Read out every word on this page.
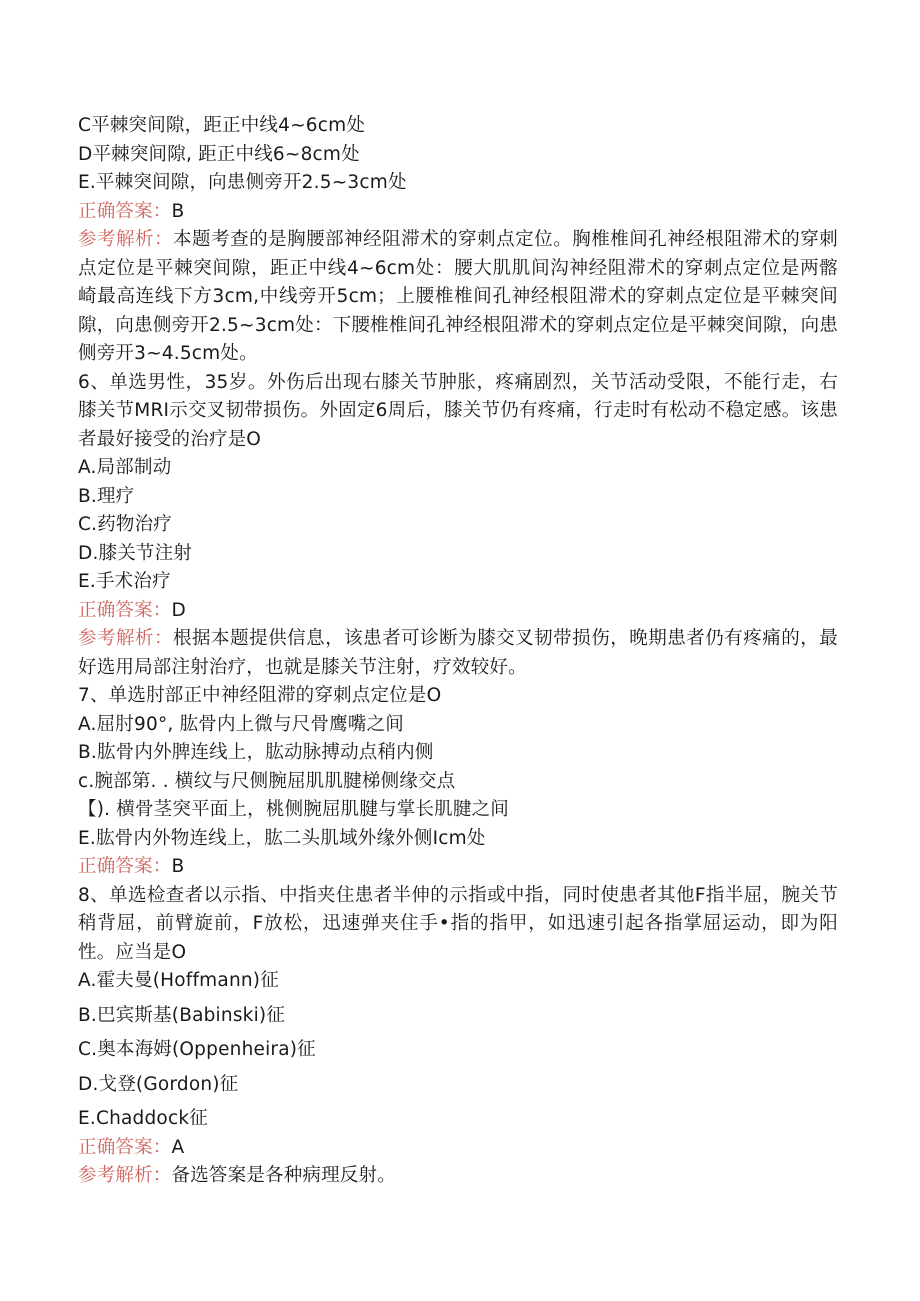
C平棘突间隙，距正中线4~6cm处
D平棘突间隙, 距正中线6~8cm处
E.平棘突间隙，向患侧旁开2.5~3cm处
正确答案：B
参考解析：本题考查的是胸腰部神经阻滞术的穿刺点定位。胸椎椎间孔神经根阻滞术的穿刺点定位是平棘突间隙，距正中线4~6cm处：腰大肌肌间沟神经阻滞术的穿刺点定位是两髂崎最高连线下方3cm,中线旁开5cm；上腰椎椎间孔神经根阻滞术的穿刺点定位是平棘突间隙，向患侧旁开2.5~3cm处：下腰椎椎间孔神经根阻滞术的穿刺点定位是平棘突间隙，向患侧旁开3~4.5cm处。
6、单选男性，35岁。外伤后出现右膝关节肿胀，疼痛剧烈，关节活动受限，不能行走，右膝关节MRI示交叉韧带损伤。外固定6周后，膝关节仍有疼痛，行走时有松动不稳定感。该患者最好接受的治疗是O
A.局部制动
B.理疗
C.药物治疗
D.膝关节注射
E.手术治疗
正确答案：D
参考解析：根据本题提供信息，该患者可诊断为膝交叉韧带损伤，晚期患者仍有疼痛的，最好选用局部注射治疗，也就是膝关节注射，疗效较好。
7、单选肘部正中神经阻滞的穿刺点定位是O
A.屈肘90°, 肱骨内上微与尺骨鹰嘴之间
B.肱骨内外脾连线上，肱动脉搏动点稍内侧
c.腕部第. . 横纹与尺侧腕屈肌肌腱梯侧缘交点
【). 横骨茎突平面上，桃侧腕屈肌腱与掌长肌腱之间
E.肱骨内外物连线上，肱二头肌域外缘外侧Icm处
正确答案：B
8、单选检查者以示指、中指夹住患者半伸的示指或中指，同时使患者其他F指半屈，腕关节稍背屈，前臂旋前，F放松，迅速弹夹住手•指的指甲，如迅速引起各指掌屈运动，即为阳性。应当是O
A.霍夫曼(Hoffmann)征
B.巴宾斯基(Babinski)征
C.奥本海姆(Oppenheira)征
D.戈登(Gordon)征
E.Chaddock征
正确答案：A
参考解析：备选答案是各种病理反射。
